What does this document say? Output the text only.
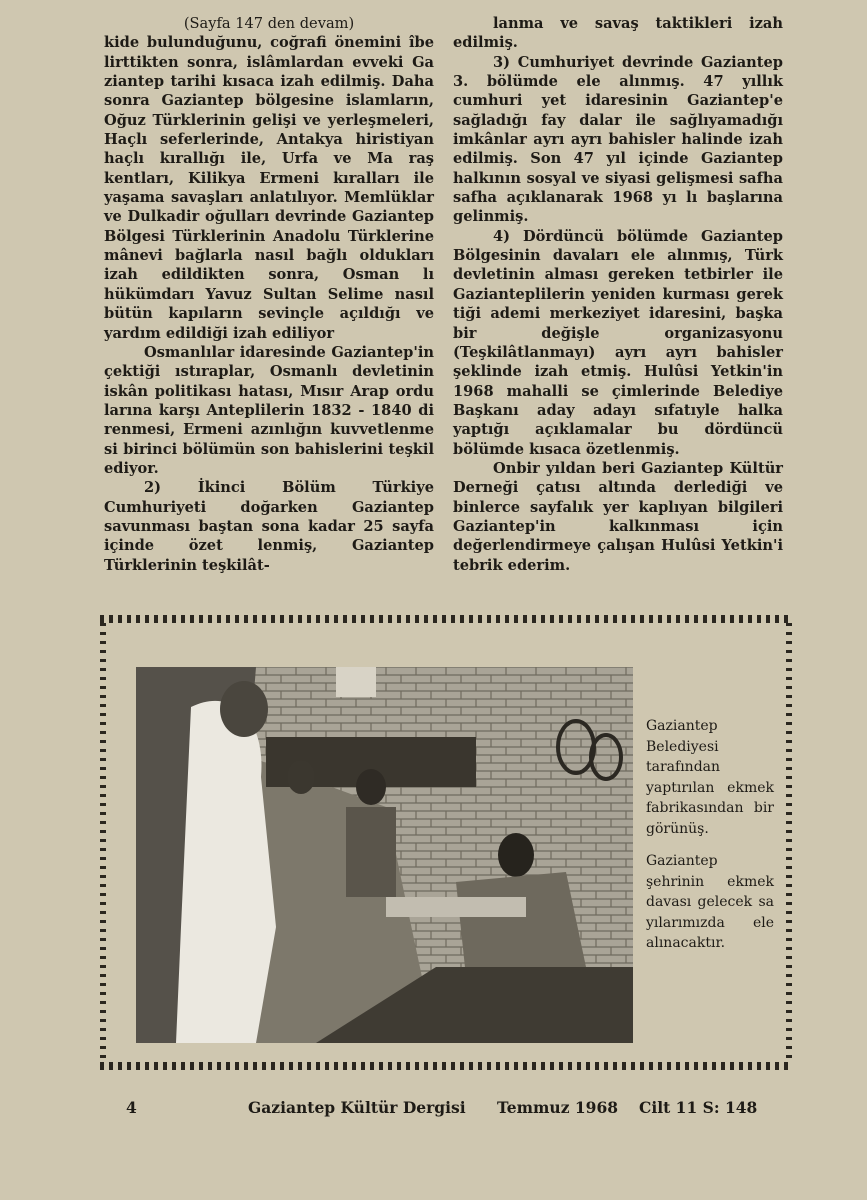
(Sayfa 147 den devam)

kide bulunduğunu, coğrafi önemini îbe lirttikten sonra, islâmlardan evveki Ga ziantep tarihi kısaca izah edilmiş. Daha sonra Gaziantep bölgesine islamların, Oğuz Türklerinin gelişi ve yerleşmeleri, Haçlı seferlerinde, Antakya hiristiyan haçlı kırallığı ile, Urfa ve Ma raş kentları, Kilikya Ermeni kıralları ile yaşama savaşları anlatılıyor. Memlüklar ve Dulkadir oğulları devrinde Gaziantep Bölgesi Türklerinin Anadolu Türklerine mânevi bağlarla nasıl bağlı oldukları izah edildikten sonra, Osman lı hükümdarı Yavuz Sultan Selime nasıl bütün kapıların sevinçle açıldığı ve yardım edildiği izah ediliyor

Osmanlılar idaresinde Gaziantep'in çektiği ıstıraplar, Osmanlı devletinin iskân politikası hatası, Mısır Arap ordu larına karşı Anteplilerin 1832 - 1840 di renmesi, Ermeni azınlığın kuvvetlenme si birinci bölümün son bahislerini teşkil ediyor.

2) İkinci Bölüm Türkiye Cumhuriyeti doğarken Gaziantep savunması baştan sona kadar 25 sayfa içinde özet lenmiş, Gaziantep Türklerinin teşkilât-

lanma ve savaş taktikleri izah edilmiş.

3) Cumhuriyet devrinde Gaziantep 3. bölümde ele alınmış. 47 yıllık cumhuri yet idaresinin Gaziantep'e sağladığı fay dalar ile sağlıyamadığı imkânlar ayrı ayrı bahisler halinde izah edilmiş. Son 47 yıl içinde Gaziantep halkının sosyal ve siyasi gelişmesi safha safha açıklanarak 1968 yı lı başlarına gelinmiş.

4) Dördüncü bölümde Gaziantep Bölgesinin davaları ele alınmış, Türk devletinin alması gereken tetbirler ile Gazianteplilerin yeniden kurması gerek tiği ademi merkeziyet idaresini, başka bir değişle organizasyonu (Teşkilâtlanmayı) ayrı ayrı bahisler şeklinde izah etmiş. Hulûsi Yetkin'in 1968 mahalli se çimlerinde Belediye Başkanı aday adayı sıfatıyle halka yaptığı açıklamalar bu dördüncü bölümde kısaca özetlenmiş.

Onbir yıldan beri Gaziantep Kültür Derneği çatısı altında derlediği ve binlerce sayfalık yer kaplıyan bilgileri Gaziantep'in kalkınması için değerlendirmeye çalışan Hulûsi Yetkin'i tebrik ederim.

Gaziantep Belediyesi tarafından yaptırılan ekmek fabrikasından bir görünüş.

Gaziantep şehrinin ekmek davası gelecek sa yılarımızda ele alınacaktır.

4	Gaziantep Kültür Dergisi Temmuz 1968 Cilt 11 S: 148
